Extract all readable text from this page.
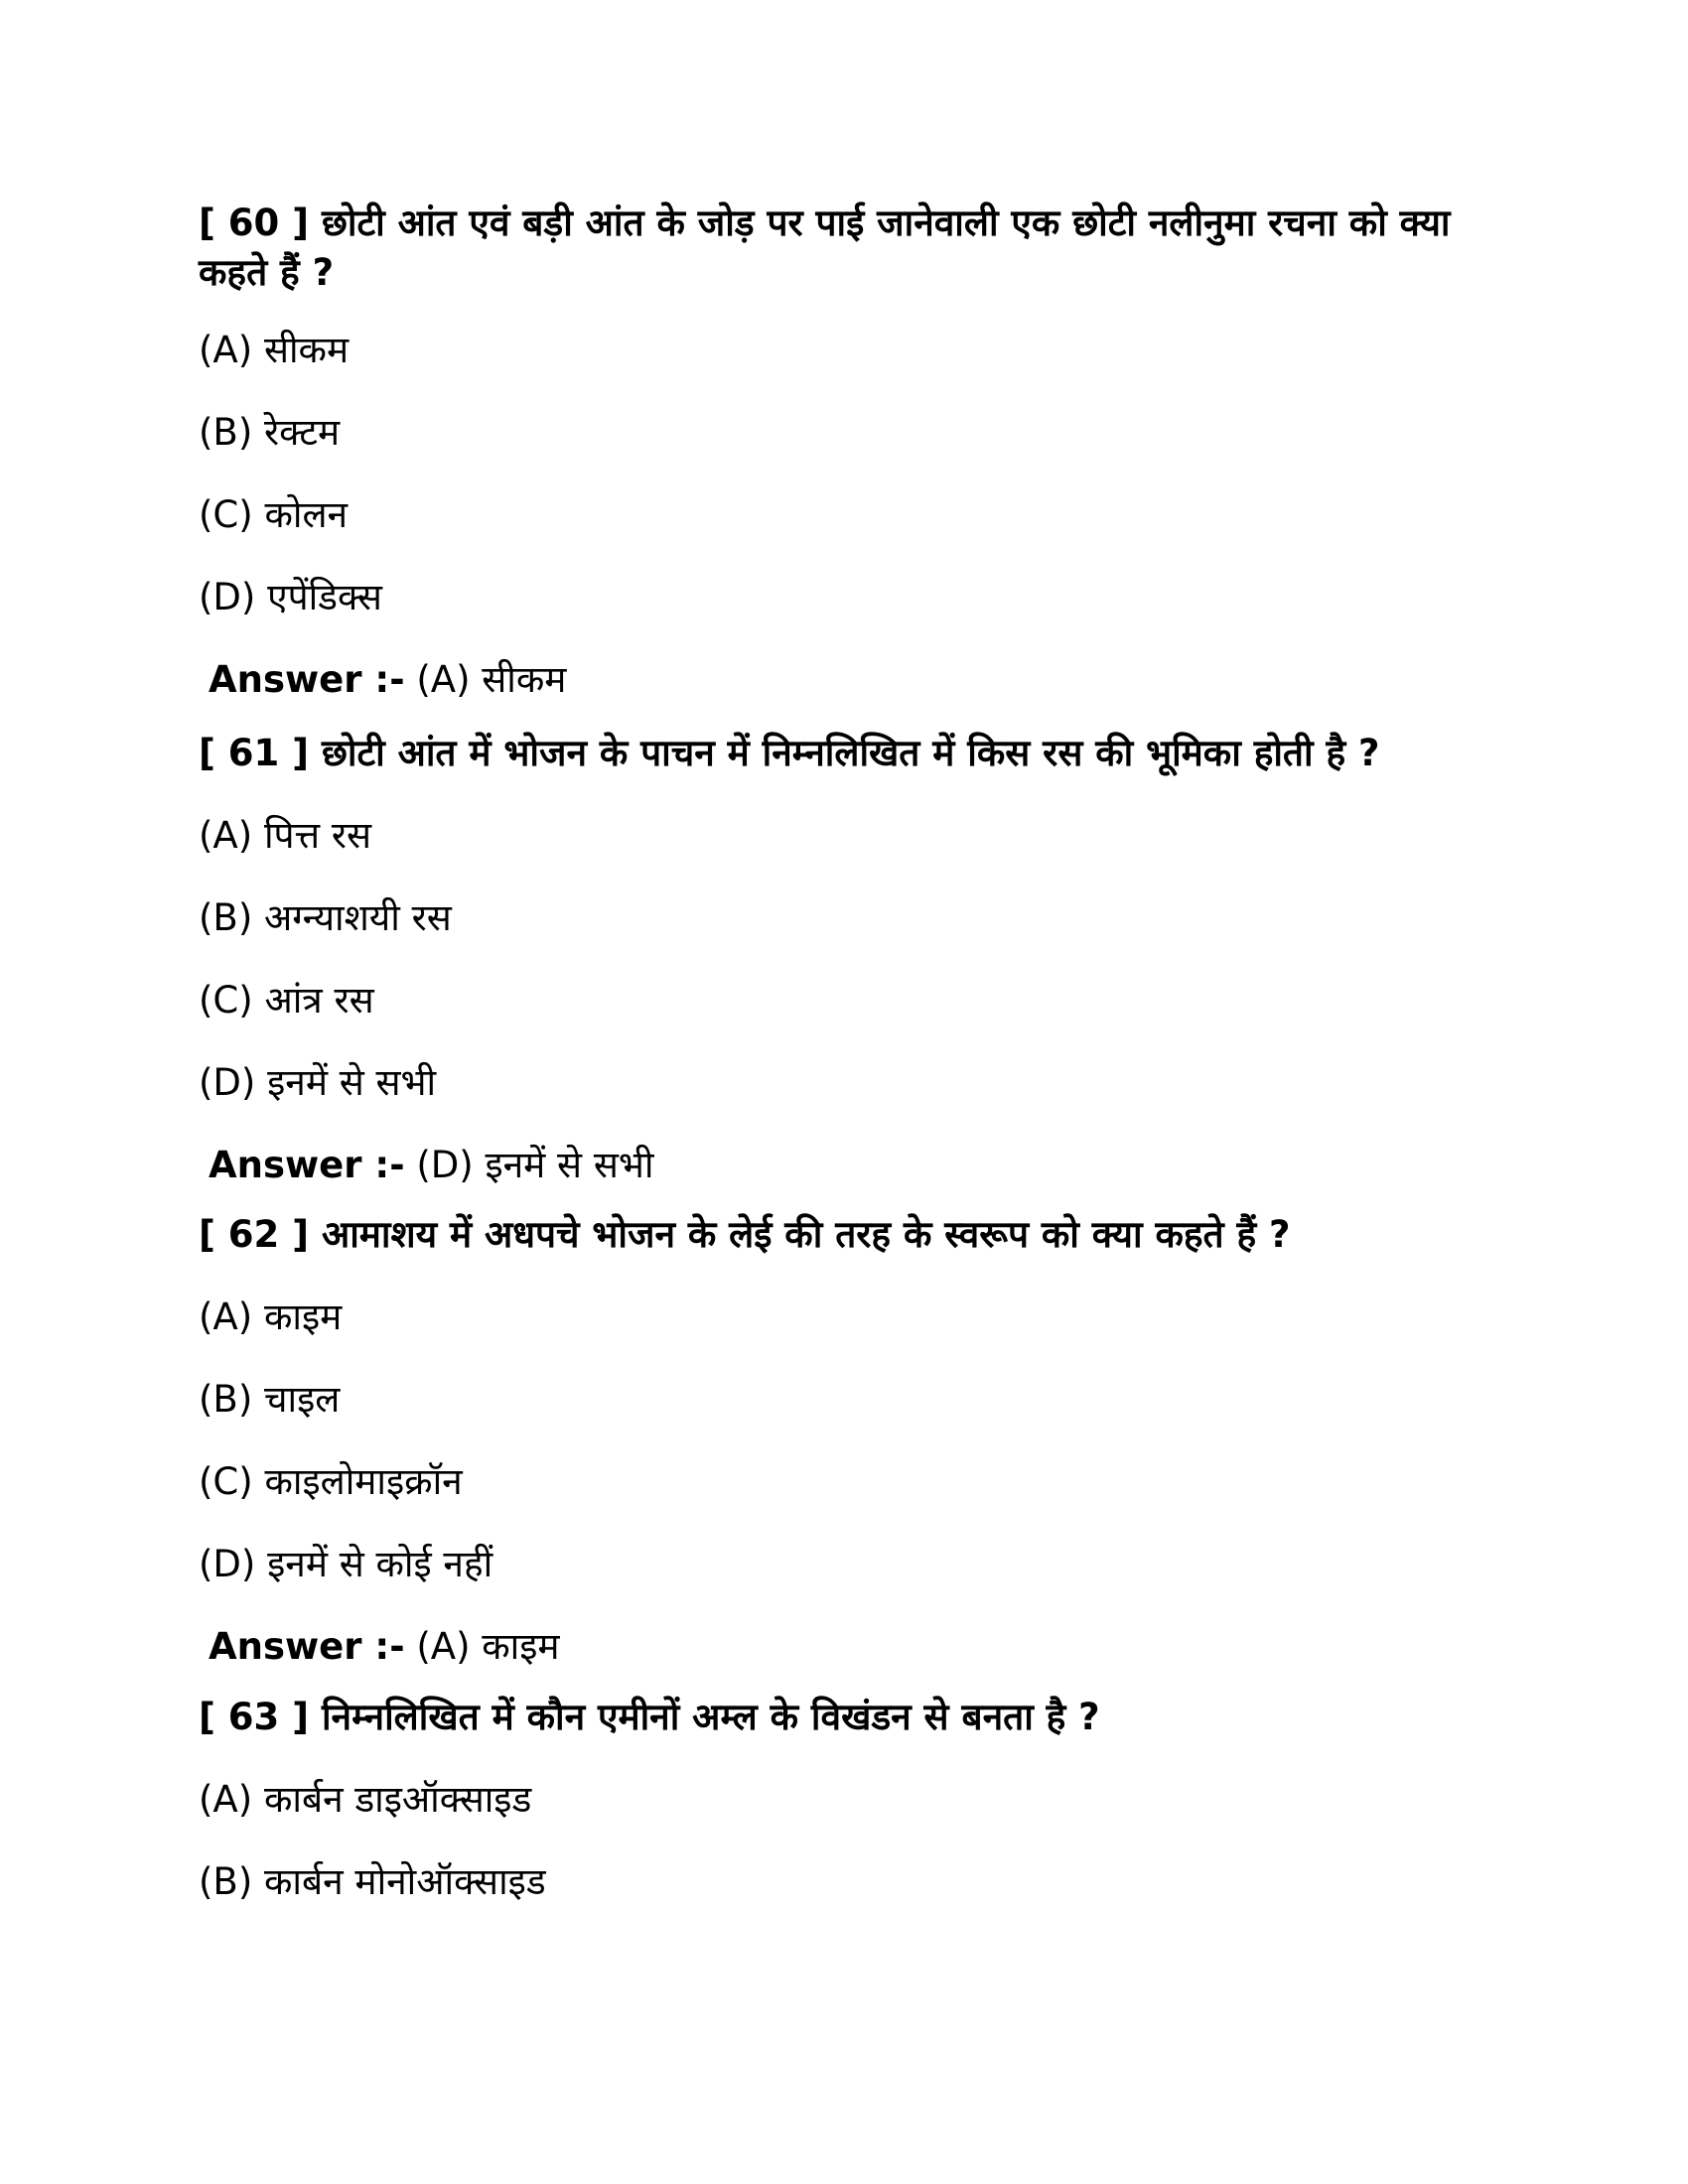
[ 60 ] छोटी आंत एवं बड़ी आंत के जोड़ पर पाई जानेवाली एक छोटी नलीनुमा रचना को क्या कहते हैं ?

(A) सीकम

(B) रेक्टम

(C) कोलन

(D) एपेंडिक्स

Answer :- (A) सीकम

[ 61 ] छोटी आंत में भोजन के पाचन में निम्नलिखित में किस रस की भूमिका होती है ?

(A) पित्त रस

(B) अग्न्याशयी रस

(C) आंत्र रस

(D) इनमें से सभी

Answer :- (D) इनमें से सभी

[ 62 ] आमाशय में अधपचे भोजन के लेई की तरह के स्वरूप को क्या कहते हैं ?

(A) काइम

(B) चाइल

(C) काइलोमाइक्रॉन

(D) इनमें से कोई नहीं

Answer :- (A) काइम

[ 63 ] निम्नलिखित में कौन एमीनों अम्ल के विखंडन से बनता है ?

(A) कार्बन डाइऑक्साइड

(B) कार्बन मोनोऑक्साइड
